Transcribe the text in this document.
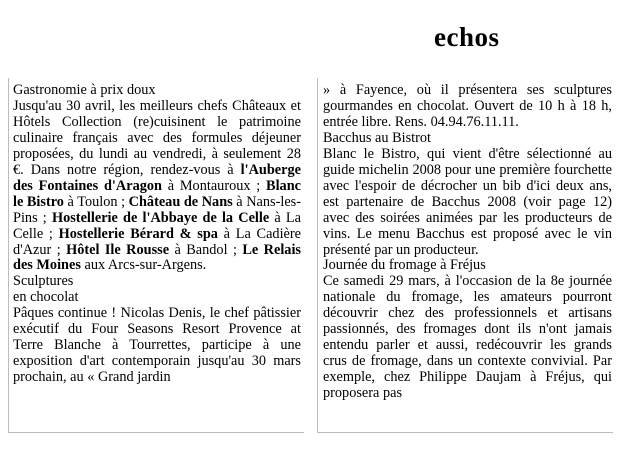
echos

Gastronomie à prix doux

Jusqu'au 30 avril, les meilleurs chefs Châteaux et Hôtels Collection (re)cuisinent le patrimoine culinaire français avec des formules déjeuner proposées, du lundi au vendredi, à seulement 28 €. Dans notre région, rendez-vous à l'Auberge des Fontaines d'Aragon à Montauroux ; Blanc le Bistro à Toulon ; Château de Nans à Nans-les-Pins ; Hostellerie de l'Abbaye de la Celle à La Celle ; Hostellerie Bérard & spa à La Cadière d'Azur ; Hôtel Ile Rousse à Bandol ; Le Relais des Moines aux Arcs-sur-Argens.

Sculptures

en chocolat

Pâques continue ! Nicolas Denis, le chef pâtissier exécutif du Four Seasons Resort Provence at Terre Blanche à Tourrettes, participe à une exposition d'art contemporain jusqu'au 30 mars prochain, au « Grand jardin

» à Fayence, où il présentera ses sculptures gourmandes en chocolat. Ouvert de 10 h à 18 h, entrée libre. Rens. 04.94.76.11.11.

Bacchus au Bistrot

Blanc le Bistro, qui vient d'être sélectionné au guide michelin 2008 pour une première fourchette avec l'espoir de décrocher un bib d'ici deux ans, est partenaire de Bacchus 2008 (voir page 12) avec des soirées animées par les producteurs de vins. Le menu Bacchus est proposé avec le vin présenté par un producteur.

Journée du fromage à Fréjus

Ce samedi 29 mars, à l'occasion de la 8e journée nationale du fromage, les amateurs pourront découvrir chez des professionnels et artisans passionnés, des fromages dont ils n'ont jamais entendu parler et aussi, redécouvrir les grands crus de fromage, dans un contexte convivial. Par exemple, chez Philippe Daujam à Fréjus, qui proposera pas
